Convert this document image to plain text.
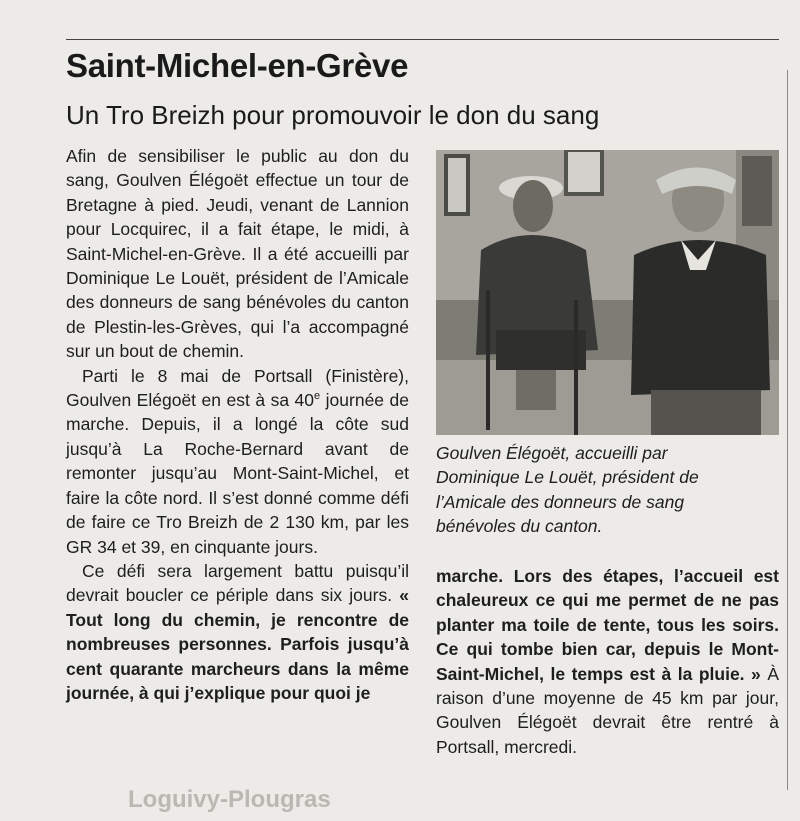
Loguivy-Plougras
Saint-Michel-en-Grève
Un Tro Breizh pour promouvoir le don du sang

Afin de sensibiliser le public au don du sang, Goulven Élégoët effectue un tour de Bretagne à pied. Jeudi, venant de Lannion pour Locquirec, il a fait étape, le midi, à Saint-Michel-en-Grève. Il a été accueilli par Dominique Le Louët, président de l’Amicale des donneurs de sang bénévoles du canton de Plestin-les-Grèves, qui l’a accompagné sur un bout de chemin.

Parti le 8 mai de Portsall (Finistère), Goulven Elégoët en est à sa 40e journée de marche. Depuis, il a longé la côte sud jusqu’à La Roche-Bernard avant de remonter jusqu’au Mont-Saint-Michel, et faire la côte nord. Il s’est donné comme défi de faire ce Tro Breizh de 2 130 km, par les GR 34 et 39, en cinquante jours.

Ce défi sera largement battu puisqu’il devrait boucler ce périple dans six jours. « Tout long du chemin, je rencontre de nombreuses personnes. Parfois jusqu’à cent quarante marcheurs dans la même journée, à qui j’explique pour quoi je

Goulven Élégoët, accueilli par
Dominique Le Louët, président de
l’Amicale des donneurs de sang
bénévoles du canton.

marche. Lors des étapes, l’accueil est chaleureux ce qui me permet de ne pas planter ma toile de tente, tous les soirs. Ce qui tombe bien car, depuis le Mont-Saint-Michel, le temps est à la pluie. » À raison d’une moyenne de 45 km par jour, Goulven Élégoët devrait être rentré à Portsall, mercredi.
